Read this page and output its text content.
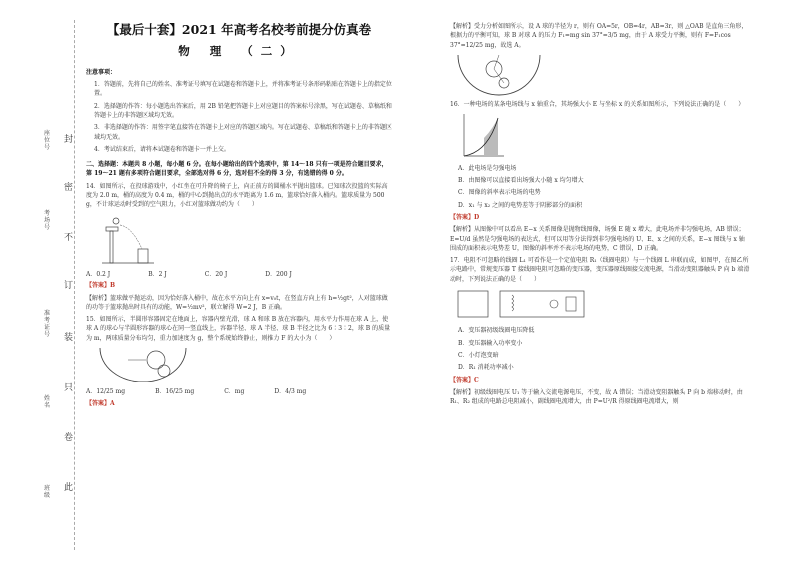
封
密
不
订
装
只
卷
此
座位号
考场号
准考证号
姓名
班级
【最后十套】2021 年高考名校考前提分仿真卷
物 理 （二）

注意事项：

1．答题前，先将自己的姓名、准考证号填写在试题卷和答题卡上，并将准考证号条形码粘贴在答题卡上的指定位置。

2．选择题的作答：每小题选出答案后，用 2B 铅笔把答题卡上对应题目的答案标号涂黑，写在试题卷、草稿纸和答题卡上的非答题区域均无效。

3．非选择题的作答：用签字笔直接答在答题卡上对应的答题区域内。写在试题卷、草稿纸和答题卡上的非答题区域均无效。

4．考试结束后，请将本试题卷和答题卡一并上交。

二、选择题：本题共 8 小题，每小题 6 分。在每小题给出的四个选项中，第 14～18 只有一项是符合题目要求，第 19～21 题有多项符合题目要求，全部选对得 6 分，选对但不全的得 3 分，有选错的得 0 分。

14．如图所示，在投球游戏中，小红坐在可升降的椅子上，向正前方的圆桶水平抛出篮球。已知球次投篮的实际高度为 2.0 m，桶的高度为 0.4 m，桶的中心到抛出点的水平距离为 1.6 m，篮球恰好落入桶内。篮球质量为 500 g，不计球运动时受到的空气阻力，小红对篮球做功约为（　　）

A．0.2 J	B．2 J	C．20 J	D．200 J

【答案】B

【解析】篮球做平抛运动，因为恰好落入桶中，故在水平方向上有 x=v₀t，在竖直方向上有 h=½gt²，人对篮球做的功等于篮球抛出时具有的动能，W=½mv²，联立解得 W=2 J，B 正确。

15．如图所示，半圆形容器固定在地面上，容器内壁光滑，球 A 和球 B 放在容器内，用水平力作用在球 A 上，使球 A 的球心与半圆形容器的球心在同一竖直线上，容器半径、球 A 半径、球 B 半径之比为 6∶3∶2，球 B 的质量为 m，两球质量分布均匀，重力加速度为 g，整个系统始终静止，则推力 F 的大小为（　　）

A．12/25 mg	B．16/25 mg	C．mg	D．4/3 mg

【答案】A

【解析】受力分析如图所示，设 A 球的半径为 r，则有 OA=5r，OB=4r，AB=3r，则 △OAB 是直角三角形，根据力的平衡可知，球 B 对球 A 的压力 F₁=mg sin 37°=3/5 mg，由于 A 球受力平衡，则有 F=F₁cos 37°=12/25 mg，故选 A。

16．一种电场的某条电场线与 x 轴重合，其场强大小 E 与坐标 x 的关系如图所示，下列说法正确的是（　　）

A．此电场是匀强电场

B．由图像可以直接看出场强大小随 x 均匀增大

C．图像的斜率表示电场的电势

D．x₁ 与 x₂ 之间的电势差等于阴影部分的面积

【答案】D

【解析】从图像中可以看出 E−x 关系图像是抛物线图像，场强 E 随 x 增大，此电场并非匀强电场，AB 错误；E=U/d 虽然是匀强电场的表达式，但可以用等分法得到非匀强电场的 U、E、x 之间的关系，E−x 图线与 x 轴围成的面积表示电势差 U，图像的斜率并不表示电场的电势，C 错误，D 正确。

17．电阻不可忽略的线圈 L₁ 可看作是一个定值电阻 R₁（线圈电阻）与一个线圈 L 串联而成，如图甲，在图乙所示电路中，常规变压器 T 接线圈电阻可忽略的变压器，变压器原线圈接交流电源，当滑动变阻器触头 P 向 b 端滑动时，下列说法正确的是（　　）

A．变压器初级线圈电压降低

B．变压器输入功率变小

C．小灯泡变暗

D．R₁ 消耗功率减小

【答案】C

【解析】初级线圈电压 U₁ 等于输入交流电源电压，不变，故 A 错误；当滑动变阻器触头 P 向 b 端移动时，由 R₁、R₂ 组成的电路总电阻减小，副线圈电流增大，由 P=U²/R 得原线圈电流增大，则
